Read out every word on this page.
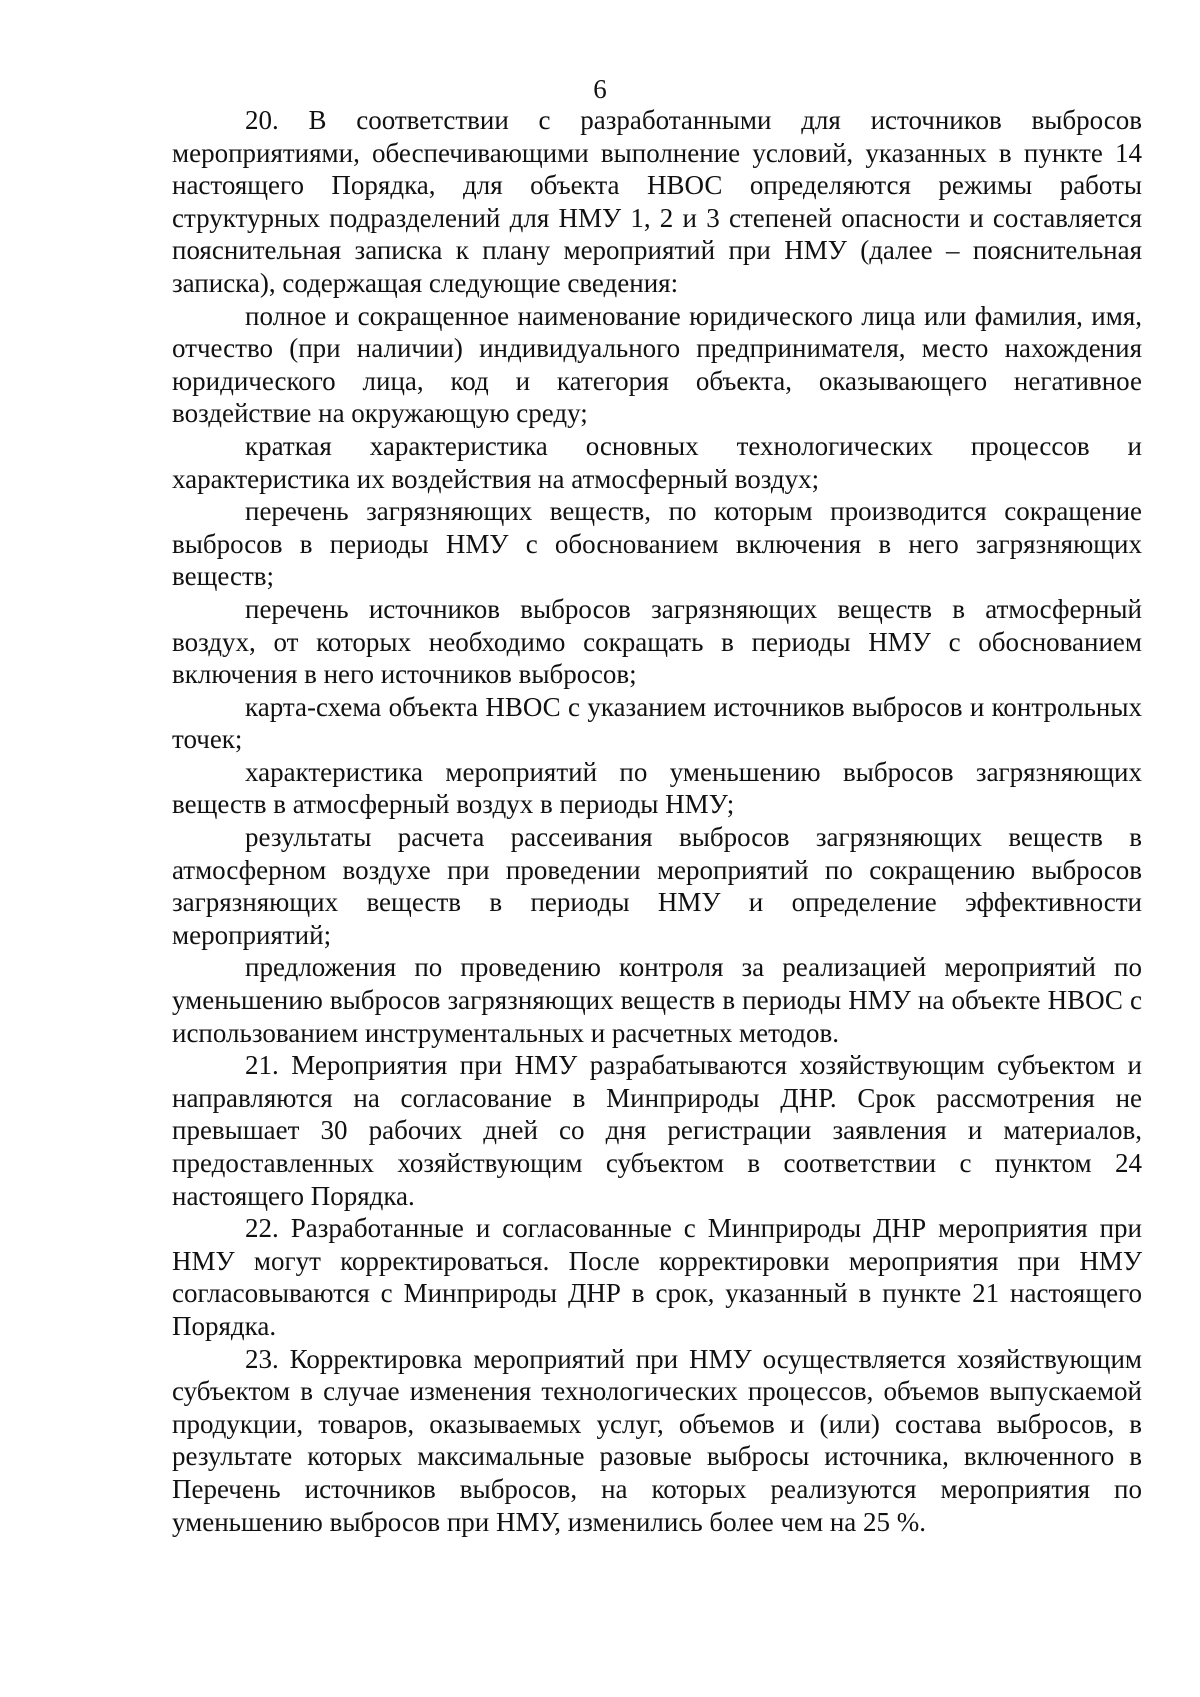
6

20. В соответствии с разработанными для источников выбросов мероприятиями, обеспечивающими выполнение условий, указанных в пункте 14 настоящего Порядка, для объекта НВОС определяются режимы работы структурных подразделений для НМУ 1, 2 и 3 степеней опасности и составляется пояснительная записка к плану мероприятий при НМУ (далее – пояснительная записка), содержащая следующие сведения:

полное и сокращенное наименование юридического лица или фамилия, имя, отчество (при наличии) индивидуального предпринимателя, место нахождения юридического лица, код и категория объекта, оказывающего негативное воздействие на окружающую среду;

краткая характеристика основных технологических процессов и характеристика их воздействия на атмосферный воздух;

перечень загрязняющих веществ, по которым производится сокращение выбросов в периоды НМУ с обоснованием включения в него загрязняющих веществ;

перечень источников выбросов загрязняющих веществ в атмосферный воздух, от которых необходимо сокращать в периоды НМУ с обоснованием включения в него источников выбросов;

карта-схема объекта НВОС с указанием источников выбросов и контрольных точек;

характеристика мероприятий по уменьшению выбросов загрязняющих веществ в атмосферный воздух в периоды НМУ;

результаты расчета рассеивания выбросов загрязняющих веществ в атмосферном воздухе при проведении мероприятий по сокращению выбросов загрязняющих веществ в периоды НМУ и определение эффективности мероприятий;

предложения по проведению контроля за реализацией мероприятий по уменьшению выбросов загрязняющих веществ в периоды НМУ на объекте НВОС с использованием инструментальных и расчетных методов.

21. Мероприятия при НМУ разрабатываются хозяйствующим субъектом и направляются на согласование в Минприроды ДНР. Срок рассмотрения не превышает 30 рабочих дней со дня регистрации заявления и материалов, предоставленных хозяйствующим субъектом в соответствии с пунктом 24 настоящего Порядка.

22. Разработанные и согласованные с Минприроды ДНР мероприятия при НМУ могут корректироваться. После корректировки мероприятия при НМУ согласовываются с Минприроды ДНР в срок, указанный в пункте 21 настоящего Порядка.

23. Корректировка мероприятий при НМУ осуществляется хозяйствующим субъектом в случае изменения технологических процессов, объемов выпускаемой продукции, товаров, оказываемых услуг, объемов и (или) состава выбросов, в результате которых максимальные разовые выбросы источника, включенного в Перечень источников выбросов, на которых реализуются мероприятия по уменьшению выбросов при НМУ, изменились более чем на 25 %.
